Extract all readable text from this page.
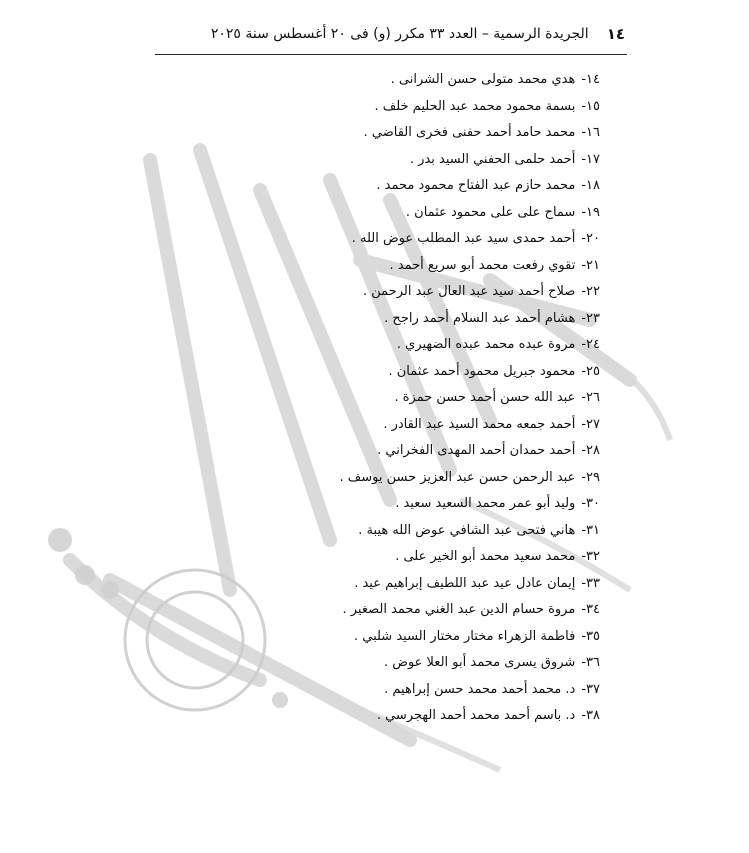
١٤
الجريدة الرسمية – العدد ٣٣ مكرر (و) فى ٢٠ أغسطس سنة ٢٠٢٥
١٤-
هدي محمد متولى حسن الشرانى .
١٥-
بسمة محمود محمد عبد الحليم خلف .
١٦-
محمد حامد أحمد حفنى فخرى القاضي .
١٧-
أحمد حلمى الحفني السيد بدر .
١٨-
محمد حازم عبد الفتاح محمود محمد .
١٩-
سماح على على محمود عثمان .
٢٠-
أحمد حمدى سيد عبد المطلب عوض الله .
٢١-
تقوي رفعت محمد أبو سريع أحمد .
٢٢-
صلاح أحمد سيد عبد العال عبد الرحمن .
٢٣-
هشام أحمد عبد السلام أحمد راجح .
٢٤-
مروة عبده محمد عبده الضهيري .
٢٥-
محمود جبريل محمود أحمد عثمان .
٢٦-
عبد الله حسن أحمد حسن حمزة .
٢٧-
أحمد جمعه محمد السيد عبد القادر .
٢٨-
أحمد حمدان أحمد المهدى الفخراني .
٢٩-
عبد الرحمن حسن عبد العزيز حسن يوسف .
٣٠-
وليد أبو عمر محمد السعيد سعيد .
٣١-
هاني فتحى عبد الشافي عوض الله هيبة .
٣٢-
محمد سعيد محمد أبو الخير على .
٣٣-
إيمان عادل عيد عبد اللطيف إبراهيم عيد .
٣٤-
مروة حسام الدين عبد الغني محمد الصغير .
٣٥-
فاطمة الزهراء مختار مختار السيد شلبي .
٣٦-
شروق يسرى محمد أبو العلا عوض .
٣٧-
د. محمد أحمد محمد حسن إبراهيم .
٣٨-
د. باسم أحمد محمد أحمد الهجرسي .
